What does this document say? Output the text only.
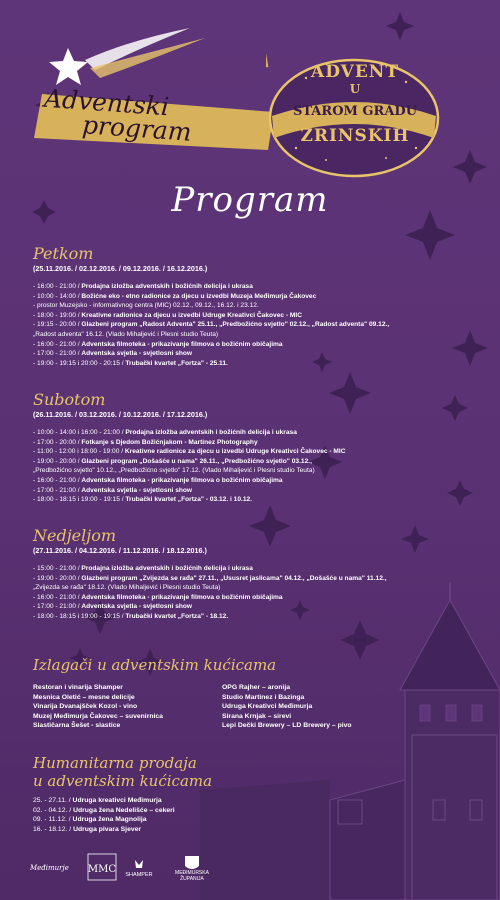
Adventski
program
ADVENT
U
STAROM GRADU
ZRINSKIH
Program
Petkom
(25.11.2016. / 02.12.2016. / 09.12.2016. / 16.12.2016.)
- 16:00 - 21:00 / Prodajna izložba adventskih i božićnih delicija i ukrasa
- 10:00 - 14:00 / Božićne eko - etno radionice za djecu u izvedbi Muzeja Međimurja Čakovec
- prostor Muzejsko - informativnog centra (MIC) 02.12., 09.12., 16.12. i 23.12.
- 18:00 - 19:00 / Kreativne radionice za djecu u izvedbi Udruge Kreativci Čakovec - MIC
- 19:15 - 20:00 / Glazbeni program „Radost Adventa" 25.11., „Predbožićno svjetlo" 02.12., „Radost adventa" 09.12.,
„Radost adventa" 16.12. (Vlado Mihaljević i Plesni studio Teuta)
- 16:00 - 21:00 / Adventska filmoteka - prikazivanje filmova o božićnim običajima
- 17:00 - 21:00 / Adventska svjetla - svjetlosni show
- 19:00 - 19:15 i 20:00 - 20:15 / Trubački kvartet „Fortza" - 25.11.
Subotom
(26.11.2016. / 03.12.2016. / 10.12.2016. / 17.12.2016.)
- 10:00 - 14:00 i 16:00 - 21:00 / Prodajna izložba adventskih i božićnih delicija i ukrasa
- 17:00 - 20:00 / Fotkanje s Djedom Božićnjakom - Martinez Photography
- 11:00 - 12:00 i 18:00 - 19:00 / Kreativne radionice za djecu u izvedbi Udruge Kreativci Čakovec - MIC
- 19:00 - 20:00 / Glazbeni program „Došašće u nama" 26.11., „Predbožićno svjetlo" 03.12.,
„Predbožićno svjetlo" 10.12., „Predbožićno svjetlo" 17.12. (Vlado Mihaljević i Plesni studio Teuta)
- 16:00 - 21:00 / Adventska filmoteka - prikazivanje filmova o božićnim običajima
- 17:00 - 21:00 / Adventska svjetla - svjetlosni show
- 18:00 - 18:15 i 19:00 - 19:15 / Trubački kvartet „Fortza" - 03.12. i 10.12.
Nedjeljom
(27.11.2016. / 04.12.2016. / 11.12.2016. / 18.12.2016.)
- 15:00 - 21:00 / Prodajna izložba adventskih i božićnih delicija i ukrasa
- 19:00 - 20:00 / Glazbeni program „Zvijezda se rađa" 27.11., „Ususret jaslicama" 04.12., „Došašće u nama" 11.12.,
„Zvijezda se rađa" 18.12. (Vlado Mihaljević i Plesni studio Teuta)
- 16:00 - 21:00 / Adventska filmoteka - prikazivanje filmova o božićnim običajima
- 17:00 - 21:00 / Adventska svjetla - svjetlosni show
- 18:00 - 18:15 i 19:00 - 19:15 / Trubački kvartet „Fortza" - 18.12.
Izlagači u adventskim kućicama
Restoran i vinarija Shamper
Mesnica Oletić – mesne delicije
Vinarija Dvanajšček Kozol - vino
Muzej Međimurja Čakovec – suvenirnica
Slastičarna Šešet - slastice
OPG Rajher – aronija
Studio Martinez i Bazinga
Udruga Kreativci Međimurja
Sirana Krnjak – sirevi
Lepi Dečki Brewery – LD Brewery – pivo
Humanitarna prodaja
u adventskim kućicama
25. - 27.11. / Udruga kreativci Međimurja
02. - 04.12. / Udruga žena Nedelišće – cekeri
09. - 11.12. / Udruga žena Magnolija
16. - 18.12. / Udruga pivara Sjever
Međimurje MMC SHAMPER	MEĐIMURSKA
ŽUPANIJA
